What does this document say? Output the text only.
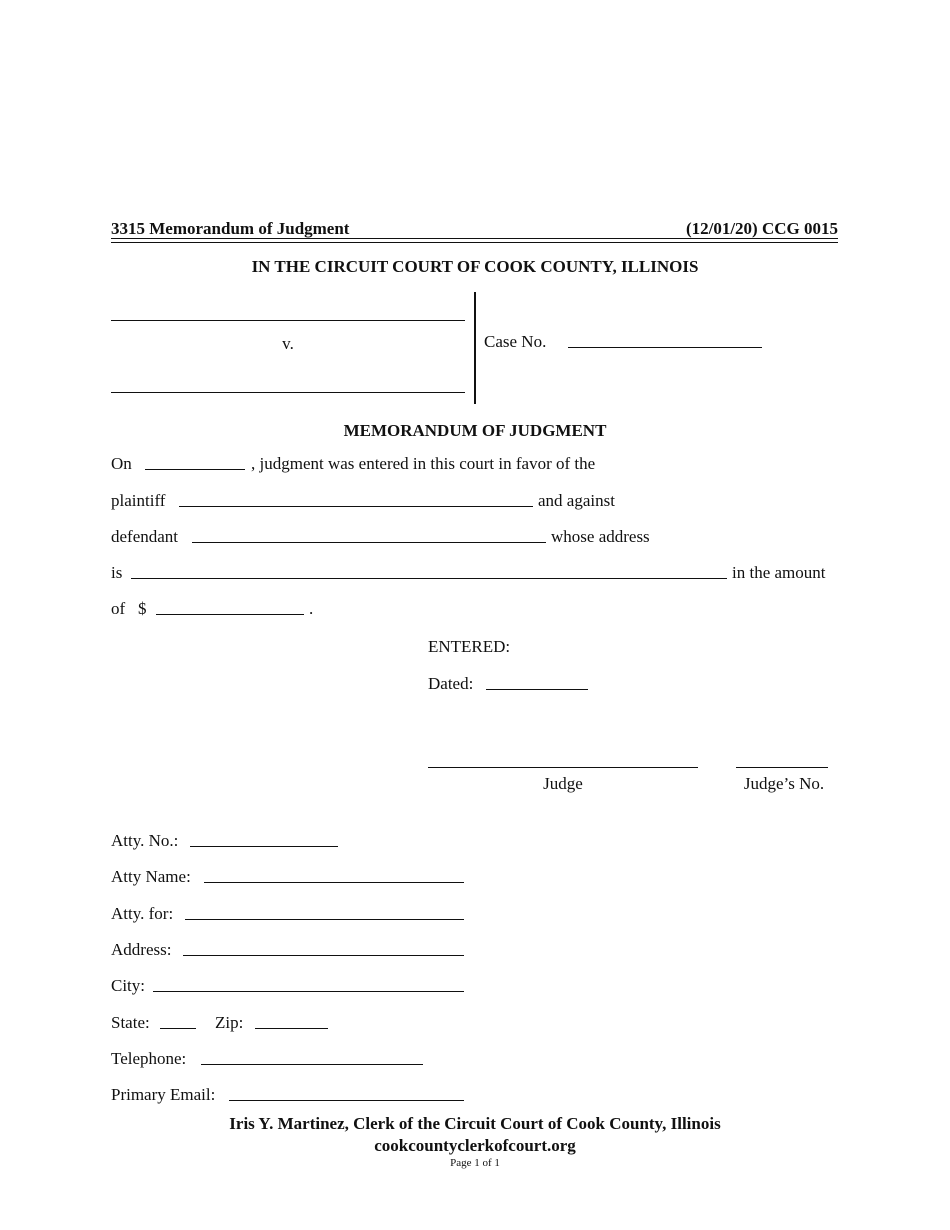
3315 Memorandum of Judgment	(12/01/20) CCG 0015
IN THE CIRCUIT COURT OF COOK COUNTY, ILLINOIS
v.	Case No.
MEMORANDUM OF JUDGMENT
On	, judgment was entered in this court in favor of the
plaintiff	and against
defendant	whose address
is	in the amount
of $	.
ENTERED:
Dated:
Judge	Judge’s No.
Atty. No.:
Atty Name:
Atty. for:
Address:
City:
State:	Zip:
Telephone:
Primary Email:
Iris Y. Martinez, Clerk of the Circuit Court of Cook County, Illinois
cookcountyclerkofcourt.org
Page 1 of 1
